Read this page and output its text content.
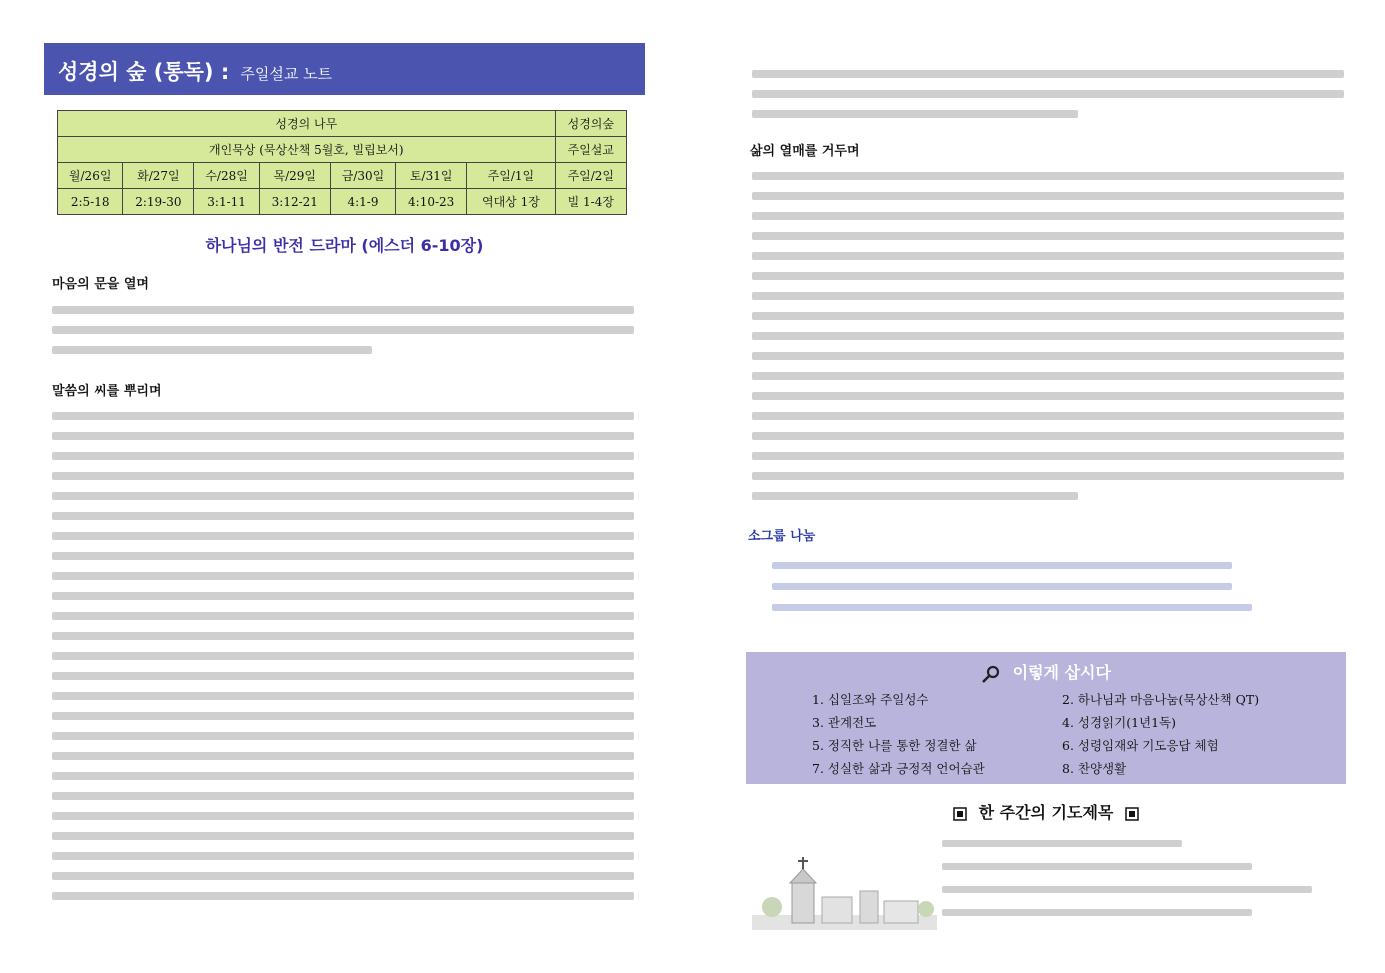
성경의 숲 (통독) : 주일설교 노트
성경의 나무							성경의숲
개인묵상 (묵상산책 5월호, 빌립보서)							주일설교
월/26일	화/27일	수/28일	목/29일	금/30일	토/31일	주일/1일	주일/2일
2:5-18	2:19-30	3:1-11	3:12-21	4:1-9	4:10-23	역대상 1장	빌 1-4장
하나님의 반전 드라마 (에스더 6-10장)
마음의 문을 열며
말씀의 씨를 뿌리며
삶의 열매를 거두며
소그룹 나눔
이렇게 삽시다
1. 십일조와 주일성수	2. 하나님과 마음나눔(묵상산책 QT)
3. 관계전도	4. 성경읽기(1년1독)
5. 정직한 나를 통한 정결한 삶	6. 성령임재와 기도응답 체험
7. 성실한 삶과 긍정적 언어습관	8. 찬양생활
한 주간의 기도제목
